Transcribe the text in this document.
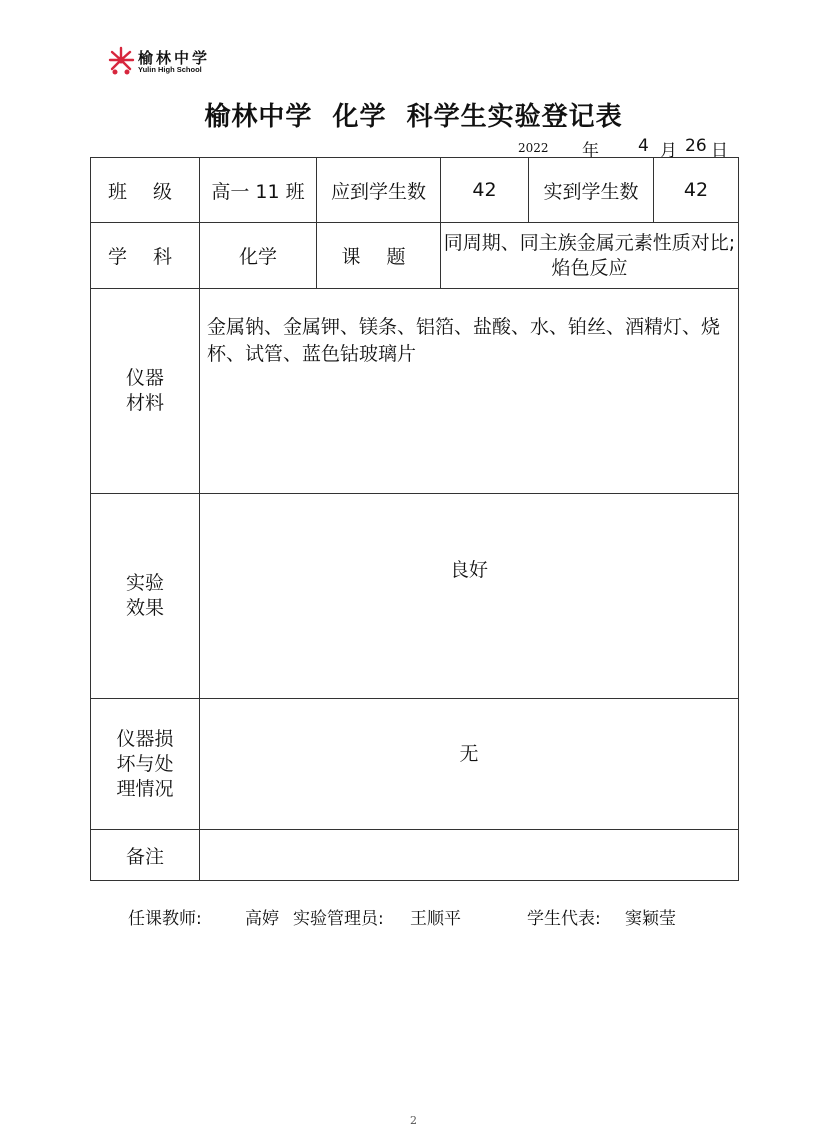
榆林中学
Yulin High School
榆林中学  化学  科学生实验登记表
2022 年 4 月 26 日
班 级	高一 11 班	应到学生数	42	实到学生数	42
学 科	化学	课 题	同周期、同主族金属元素性质对比;焰色反应		

仪器
材料	金属钠、金属钾、镁条、铝箔、盐酸、水、铂丝、酒精灯、烧杯、试管、蓝色钴玻璃片				

实验
效果	良好				

仪器损
坏与处
理情况	无				
备注					
任课教师:	高婷 实验管理员: 王顺平	学生代表: 窦颖莹
2
